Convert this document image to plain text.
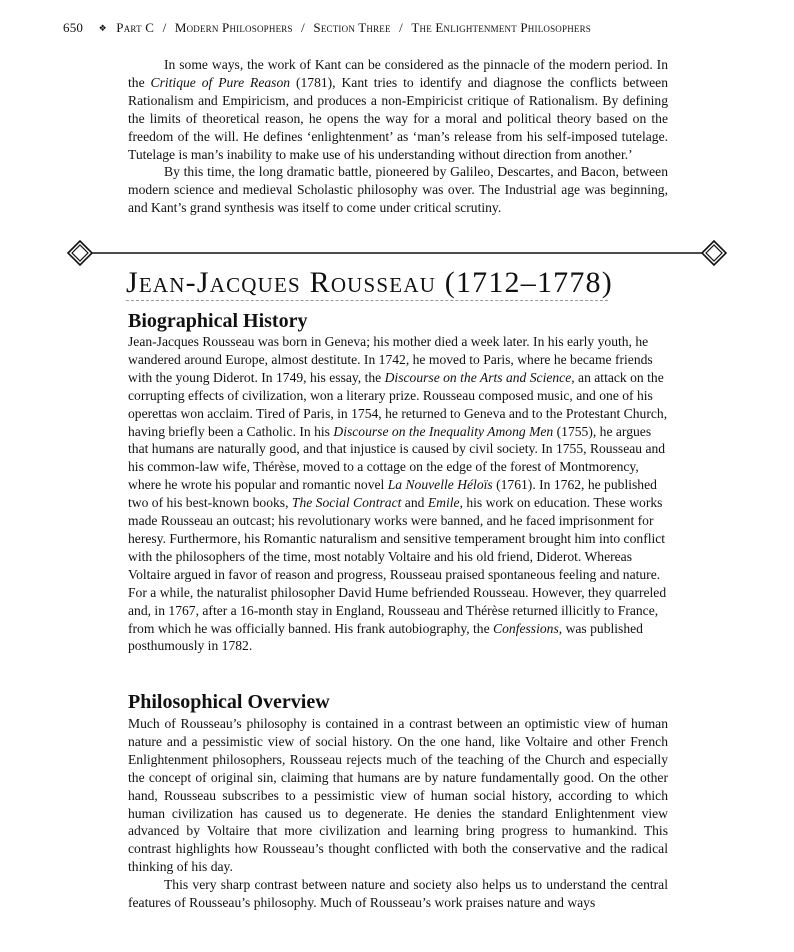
650 ❖ Part C / Modern Philosophers / Section Three / The Enlightenment Philosophers

In some ways, the work of Kant can be considered as the pinnacle of the modern period. In the Critique of Pure Reason (1781), Kant tries to identify and diagnose the conflicts between Rationalism and Empiricism, and produces a non-Empiricist critique of Rationalism. By defining the limits of theoretical reason, he opens the way for a moral and political theory based on the freedom of the will. He defines ‘enlightenment’ as ‘man’s release from his self-imposed tutelage. Tutelage is man’s inability to make use of his understanding without direction from another.’

By this time, the long dramatic battle, pioneered by Galileo, Descartes, and Bacon, between modern science and medieval Scholastic philosophy was over. The Industrial age was beginning, and Kant’s grand synthesis was itself to come under critical scrutiny.

Jean-Jacques Rousseau (1712–1778)
Biographical History

Jean-Jacques Rousseau was born in Geneva; his mother died a week later. In his early youth, he wandered around Europe, almost destitute. In 1742, he moved to Paris, where he became friends with the young Diderot. In 1749, his essay, the Discourse on the Arts and Science, an attack on the corrupting effects of civilization, won a literary prize. Rousseau composed music, and one of his operettas won acclaim. Tired of Paris, in 1754, he returned to Geneva and to the Protestant Church, having briefly been a Catholic. In his Discourse on the Inequality Among Men (1755), he argues that humans are naturally good, and that injustice is caused by civil society. In 1755, Rousseau and his common-law wife, Thérèse, moved to a cottage on the edge of the forest of Montmorency, where he wrote his popular and romantic novel La Nouvelle Héloïs (1761). In 1762, he published two of his best-known books, The Social Contract and Emile, his work on education. These works made Rousseau an outcast; his revolutionary works were banned, and he faced imprisonment for heresy. Furthermore, his Romantic naturalism and sensitive temperament brought him into conflict with the philosophers of the time, most notably Voltaire and his old friend, Diderot. Whereas Voltaire argued in favor of reason and progress, Rousseau praised spontaneous feeling and nature. For a while, the naturalist philosopher David Hume befriended Rousseau. However, they quarreled and, in 1767, after a 16-month stay in England, Rousseau and Thérèse returned illicitly to France, from which he was officially banned. His frank autobiography, the Confessions, was published posthumously in 1782.

Philosophical Overview

Much of Rousseau’s philosophy is contained in a contrast between an optimistic view of human nature and a pessimistic view of social history. On the one hand, like Voltaire and other French Enlightenment philosophers, Rousseau rejects much of the teaching of the Church and especially the concept of original sin, claiming that humans are by nature fundamentally good. On the other hand, Rousseau subscribes to a pessimistic view of human social history, according to which human civilization has caused us to degenerate. He denies the standard Enlightenment view advanced by Voltaire that more civilization and learning bring progress to humankind. This contrast highlights how Rousseau’s thought conflicted with both the conservative and the radical thinking of his day.

This very sharp contrast between nature and society also helps us to understand the central features of Rousseau’s philosophy. Much of Rousseau’s work praises nature and ways
